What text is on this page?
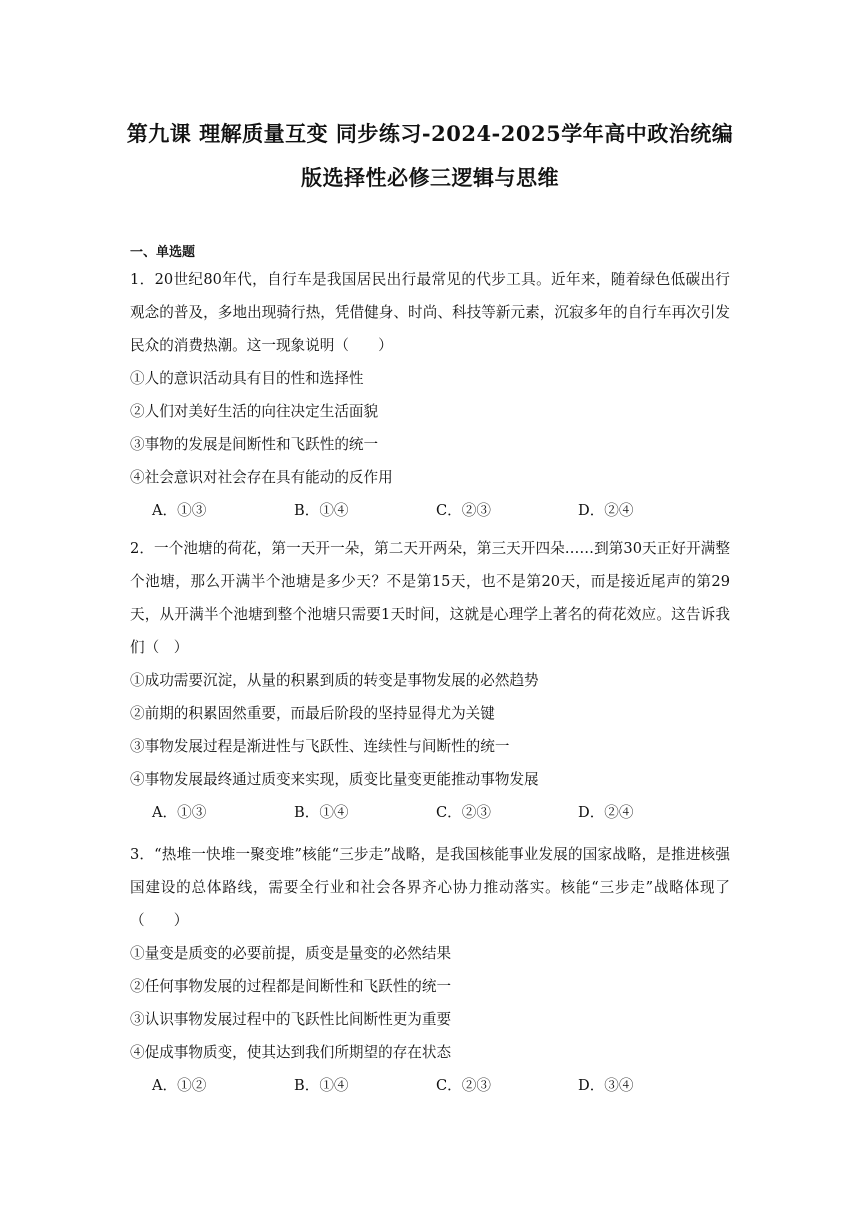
第九课 理解质量互变 同步练习-2024-2025学年高中政治统编版选择性必修三逻辑与思维
一、单选题

1．20世纪80年代，自行车是我国居民出行最常见的代步工具。近年来，随着绿色低碳出行观念的普及，多地出现骑行热，凭借健身、时尚、科技等新元素，沉寂多年的自行车再次引发民众的消费热潮。这一现象说明（　　）

①人的意识活动具有目的性和选择性

②人们对美好生活的向往决定生活面貌

③事物的发展是间断性和飞跃性的统一

④社会意识对社会存在具有能动的反作用

A．①③	B．①④	C．②③	D．②④

2．一个池塘的荷花，第一天开一朵，第二天开两朵，第三天开四朵……到第30天正好开满整个池塘，那么开满半个池塘是多少天？不是第15天，也不是第20天，而是接近尾声的第29天，从开满半个池塘到整个池塘只需要1天时间，这就是心理学上著名的荷花效应。这告诉我们（　）

①成功需要沉淀，从量的积累到质的转变是事物发展的必然趋势

②前期的积累固然重要，而最后阶段的坚持显得尤为关键

③事物发展过程是渐进性与飞跃性、连续性与间断性的统一

④事物发展最终通过质变来实现，质变比量变更能推动事物发展

A．①③	B．①④	C．②③	D．②④

3．“热堆一快堆一聚变堆”核能“三步走”战略，是我国核能事业发展的国家战略，是推进核强国建设的总体路线，需要全行业和社会各界齐心协力推动落实。核能“三步走”战略体现了（　　）

①量变是质变的必要前提，质变是量变的必然结果

②任何事物发展的过程都是间断性和飞跃性的统一

③认识事物发展过程中的飞跃性比间断性更为重要

④促成事物质变，使其达到我们所期望的存在状态

A．①②	B．①④	C．②③	D．③④
